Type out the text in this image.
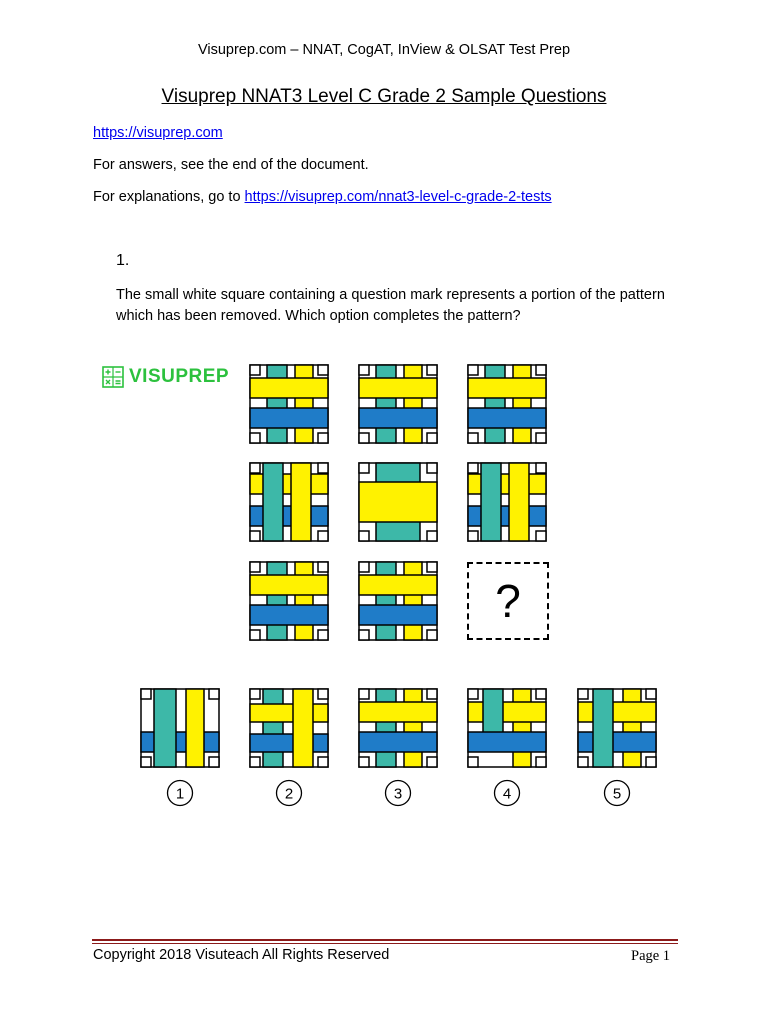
Visuprep.com – NNAT, CogAT, InView & OLSAT Test Prep
Visuprep NNAT3 Level C Grade 2 Sample Questions
https://visuprep.com
For answers, see the end of the document.
For explanations, go to https://visuprep.com/nnat3-level-c-grade-2-tests
1.
The small white square containing a question mark represents a portion of the pattern which has been removed. Which option completes the pattern?
VISUPREP
?
1	2	3	4	5
Copyright 2018 Visuteach All Rights Reserved	Page 1
